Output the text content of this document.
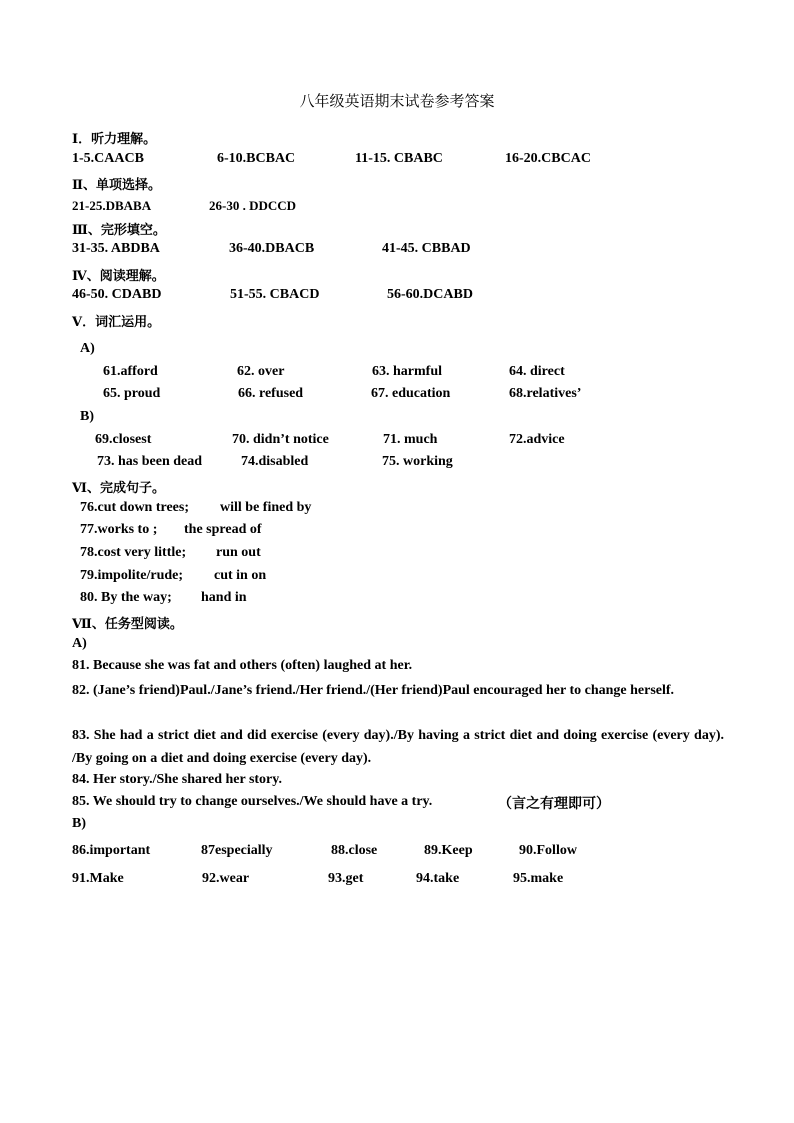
八年级英语期末试卷参考答案
Ⅰ．听力理解。
1-5.CAACB	6-10.BCBAC	11-15. CBABC	16-20.CBCAC
Ⅱ、单项选择。
21-25.DBABA	26-30 . DDCCD
Ⅲ、完形填空。
31-35. ABDBA	36-40.DBACB	41-45. CBBAD
Ⅳ、阅读理解。
46-50. CDABD	51-55. CBACD	56-60.DCABD
Ⅴ．词汇运用。
A)
61.afford	62. over	63. harmful	64. direct
65. proud	66. refused	67. education	68.relatives’
B)
69.closest	70. didn’t notice	71. much	72.advice
73. has been dead	74.disabled	75. working
Ⅵ、完成句子。
76.cut down trees; will be fined by
77.works to ; the spread of
78.cost very little; run out
79.impolite/rude; cut in on
80. By the way; hand in
Ⅶ、任务型阅读。
A)
81. Because she was fat and others (often) laughed at her.
82. (Jane’s friend)Paul./Jane’s friend./Her friend./(Her friend)Paul encouraged her to change herself.
83. She had a strict diet and did exercise (every day)./By having a strict diet and doing exercise (every day). /By going on a diet and doing exercise (every day).
84. Her story./She shared her story.
85. We should try to change ourselves./We should have a try.	（言之有理即可）
B)
86.important	87especially	88.close	89.Keep	90.Follow
91.Make	92.wear	93.get	94.take	95.make
